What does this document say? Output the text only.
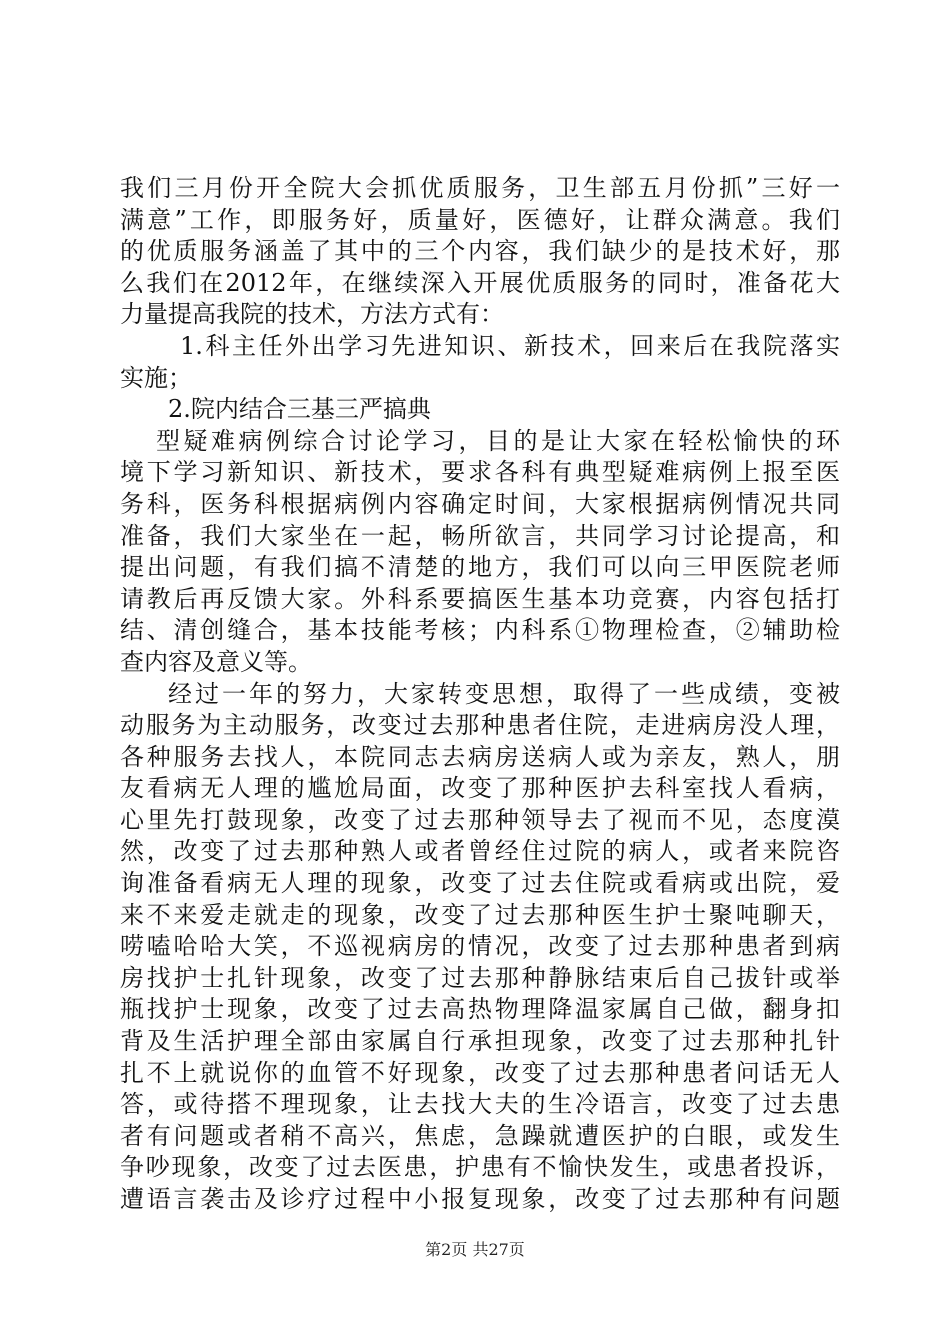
我们三月份开全院大会抓优质服务，卫生部五月份抓”三好一
满意”工作，即服务好，质量好，医德好，让群众满意。我们
的优质服务涵盖了其中的三个内容，我们缺少的是技术好，那
么我们在2012年，在继续深入开展优质服务的同时，准备花大
力量提高我院的技术，方法方式有：
1.科主任外出学习先进知识、新技术，回来后在我院落实
实施；
2.院内结合三基三严搞典
型疑难病例综合讨论学习，目的是让大家在轻松愉快的环
境下学习新知识、新技术，要求各科有典型疑难病例上报至医
务科，医务科根据病例内容确定时间，大家根据病例情况共同
准备，我们大家坐在一起，畅所欲言，共同学习讨论提高，和
提出问题，有我们搞不清楚的地方，我们可以向三甲医院老师
请教后再反馈大家。外科系要搞医生基本功竞赛，内容包括打
结、清创缝合，基本技能考核；内科系①物理检查，②辅助检
查内容及意义等。
经过一年的努力，大家转变思想，取得了一些成绩，变被
动服务为主动服务，改变过去那种患者住院，走进病房没人理，
各种服务去找人，本院同志去病房送病人或为亲友，熟人，朋
友看病无人理的尴尬局面，改变了那种医护去科室找人看病，
心里先打鼓现象，改变了过去那种领导去了视而不见，态度漠
然，改变了过去那种熟人或者曾经住过院的病人，或者来院咨
询准备看病无人理的现象，改变了过去住院或看病或出院，爱
来不来爱走就走的现象，改变了过去那种医生护士聚吨聊天，
唠嗑哈哈大笑，不巡视病房的情况，改变了过去那种患者到病
房找护士扎针现象，改变了过去那种静脉结束后自己拔针或举
瓶找护士现象，改变了过去高热物理降温家属自己做，翻身扣
背及生活护理全部由家属自行承担现象，改变了过去那种扎针
扎不上就说你的血管不好现象，改变了过去那种患者问话无人
答，或待搭不理现象，让去找大夫的生冷语言，改变了过去患
者有问题或者稍不高兴，焦虑，急躁就遭医护的白眼，或发生
争吵现象，改变了过去医患，护患有不愉快发生，或患者投诉，
遭语言袭击及诊疗过程中小报复现象，改变了过去那种有问题
第2页 共27页
